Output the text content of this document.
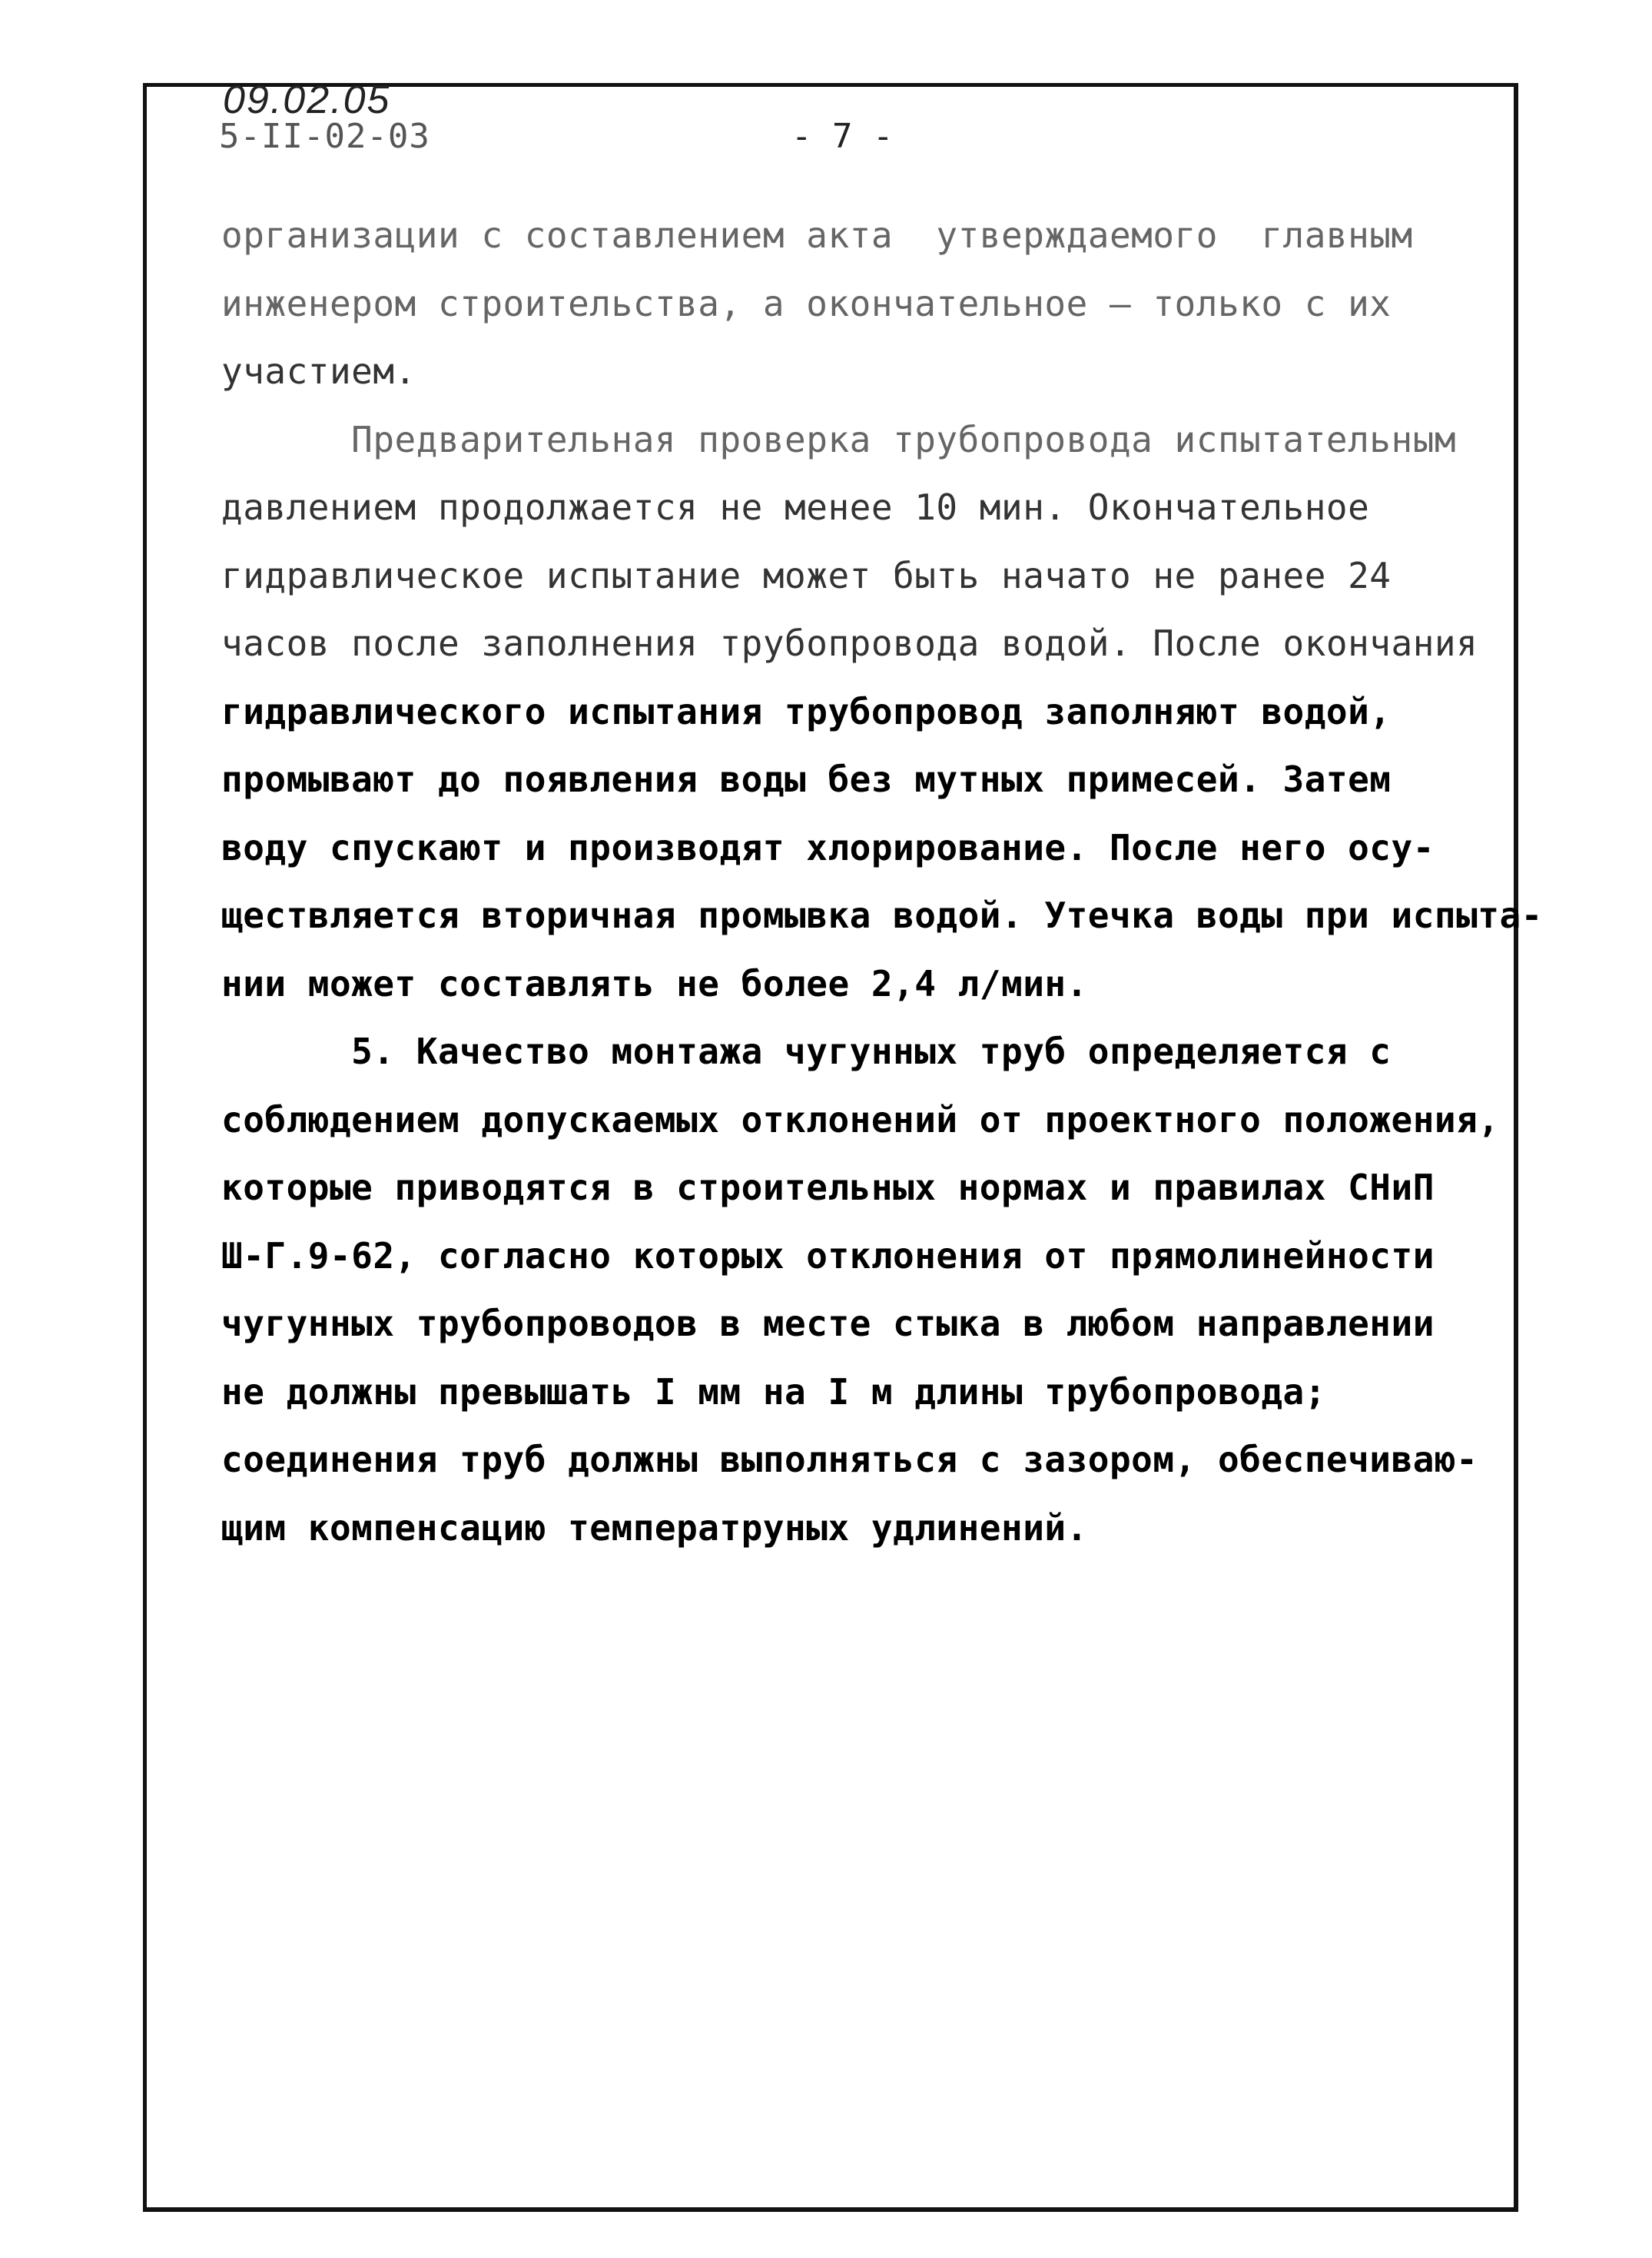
09.02.05
5-II-02-03	- 7 -
организации с составлением акта  утверждаемого  главным
инженером строительства, а окончательное — только с их
участием.
Предварительная проверка трубопровода испытательным
давлением продолжается не менее 10 мин. Окончательное
гидравлическое испытание может быть начато не ранее 24
часов после заполнения трубопровода водой. После окончания
гидравлического испытания трубопровод заполняют водой,
промывают до появления воды без мутных примесей. Затем
воду спускают и производят хлорирование. После него осу-
ществляется вторичная промывка водой. Утечка воды при испыта-
нии может составлять не более 2,4 л/мин.
5. Качество монтажа чугунных труб определяется с
соблюдением допускаемых отклонений от проектного положения,
которые приводятся в строительных нормах и правилах СНиП
Ш-Г.9-62, согласно которых отклонения от прямолинейности
чугунных трубопроводов в месте стыка в любом направлении
не должны превышать I мм на I м длины трубопровода;
соединения труб должны выполняться с зазором, обеспечиваю-
щим компенсацию температруных удлинений.
